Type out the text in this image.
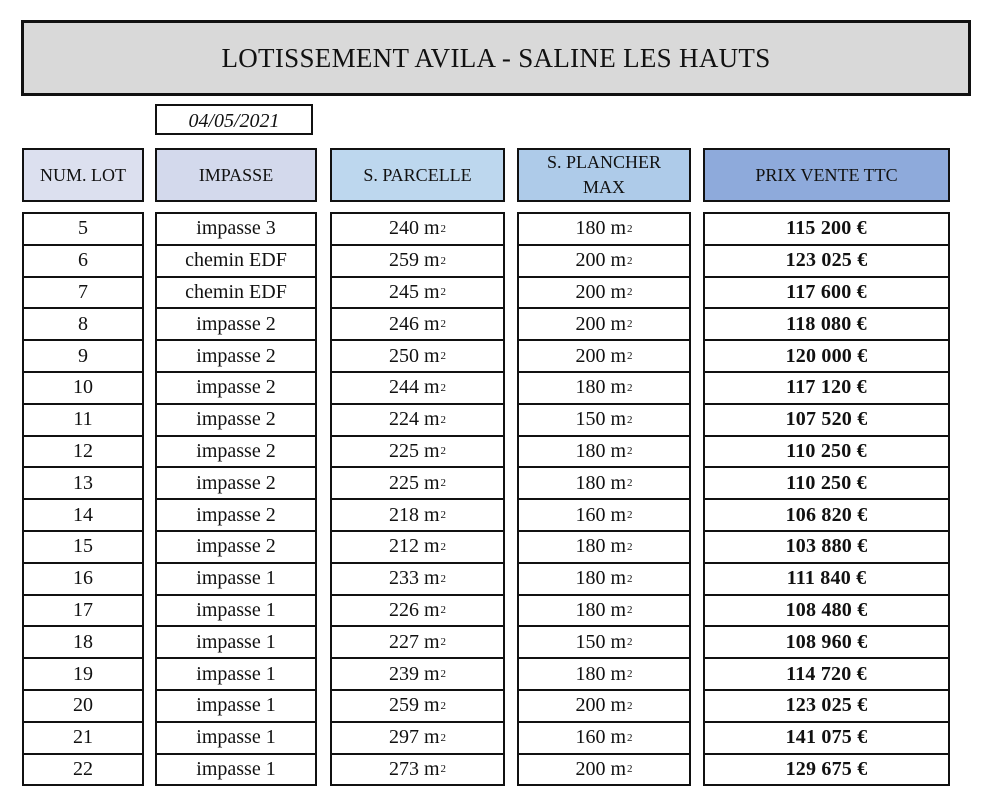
LOTISSEMENT AVILA - SALINE LES HAUTS
04/05/2021
NUM. LOT
5
6
7
8
9
10
11
12
13
14
15
16
17
18
19
20
21
22
IMPASSE
impasse 3
chemin EDF
chemin EDF
impasse 2
impasse 2
impasse 2
impasse 2
impasse 2
impasse 2
impasse 2
impasse 2
impasse 1
impasse 1
impasse 1
impasse 1
impasse 1
impasse 1
impasse 1
S. PARCELLE
240 m 2
259 m 2
245 m 2
246 m 2
250 m 2
244 m 2
224 m 2
225 m 2
225 m 2
218 m 2
212 m 2
233 m 2
226 m 2
227 m 2
239 m 2
259 m 2
297 m 2
273 m 2
S. PLANCHER
MAX
180 m 2
200 m 2
200 m 2
200 m 2
200 m 2
180 m 2
150 m 2
180 m 2
180 m 2
160 m 2
180 m 2
180 m 2
180 m 2
150 m 2
180 m 2
200 m 2
160 m 2
200 m 2
PRIX VENTE TTC
115 200 €
123 025 €
117 600 €
118 080 €
120 000 €
117 120 €
107 520 €
110 250 €
110 250 €
106 820 €
103 880 €
111 840 €
108 480 €
108 960 €
114 720 €
123 025 €
141 075 €
129 675 €
